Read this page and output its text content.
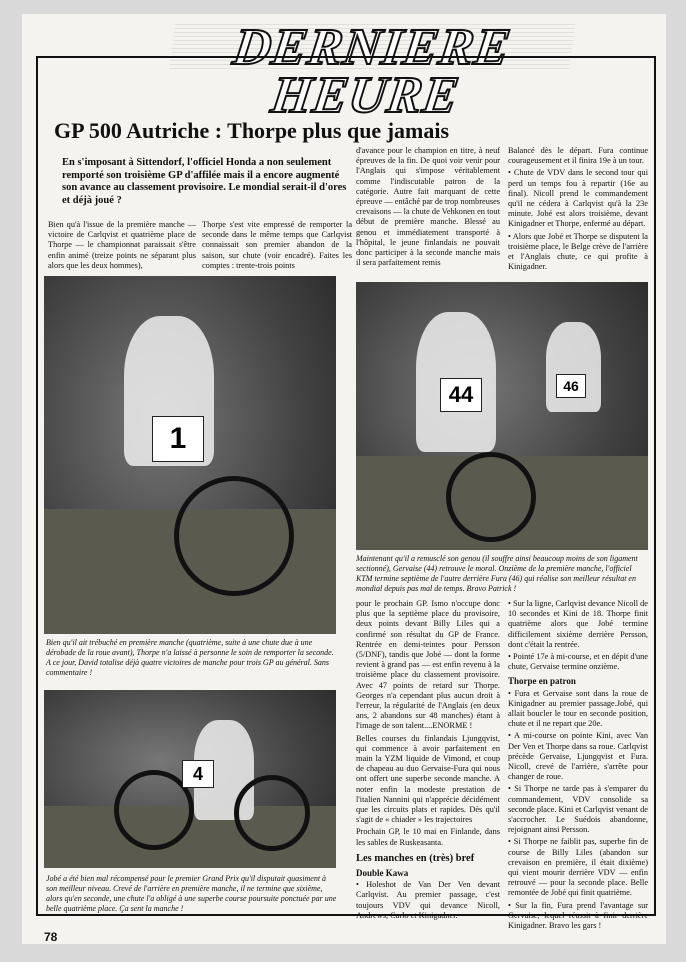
DERNIERE HEURE
GP 500 Autriche : Thorpe plus que jamais

En s'imposant à Sittendorf, l'officiel Honda a non seulement remporté son troisième GP d'affilée mais il a encore augmenté son avance au classement provisoire. Le mondial serait-il d'ores et déjà joué ?

Bien qu'à l'issue de la première manche — victoire de Carlqvist et quatrième place de Thorpe — le championnat paraissait s'être enfin animé (treize points ne séparant plus alors que les deux hommes),

Thorpe s'est vite empressé de remporter la seconde dans le même temps que Carlqvist connaissait son premier abandon de la saison, sur chute (voir encadré). Faites les comptes : trente-trois points

1

Bien qu'il ait trébuché en première manche (quatrième, suite à une chute due à une dérobade de la roue avant), Thorpe n'a laissé à personne le soin de remporter la seconde. A ce jour, David totalise déjà quatre victoires de manche pour trois GP au général. Sans commentaire !

4

Jobé a été bien mal récompensé pour le premier Grand Prix qu'il disputait quasiment à son meilleur niveau. Crevé de l'arrière en première manche, il ne termine que sixième, alors qu'en seconde, une chute l'a obligé à une superbe course poursuite ponctuée par une belle quatrième place. Ça sent la manche !

d'avance pour le champion en titre, à neuf épreuves de la fin. De quoi voir venir pour l'Anglais qui s'impose véritablement comme l'indiscutable patron de la catégorie. Autre fait marquant de cette épreuve — entâché par de trop nombreuses crevaisons — la chute de Vehkonen en tout début de première manche. Blessé au genou et immédiatement transporté à l'hôpital, le jeune finlandais ne pouvait donc participer à la seconde manche mais il sera parfaitement remis

Balancé dès le départ. Fura continue courageusement et il finira 19e à un tour.

• Chute de VDV dans le second tour qui perd un temps fou à repartir (16e au final). Nicoll prend le commandement qu'il ne cédera à Carlqvist qu'à la 23e minute. Jobé est alors troisième, devant Kinigadner et Thorpe, enfermé au départ.

• Alors que Jobé et Thorpe se disputent la troisième place, le Belge crève de l'arrière et l'Anglais chute, ce qui profite à Kinigadner.

44	46

Maintenant qu'il a remusclé son genou (il souffre ainsi beaucoup moins de son ligament sectionné), Gervaise (44) retrouve le moral. Onzième de la première manche, l'officiel KTM termine septième de l'autre derrière Fura (46) qui réalise son meilleur résultat en mondial depuis pas mal de temps. Bravo Patrick !

pour le prochain GP. Ismo n'occupe donc plus que la septième place du provisoire, deux points devant Billy Liles qui a confirmé son résultat du GP de France. Rentrée en demi-teintes pour Persson (5/DNF), tandis que Jobé — dont la forme revient à grand pas — est enfin revenu à la troisième place du classement provisoire. Avec 47 points de retard sur Thorpe. Georges n'a cependant plus aucun droit à l'erreur, la régularité de l'Anglais (en deux ans, 2 abandons sur 48 manches) étant à l'image de son talent....ENORME !

Belles courses du finlandais Ljungqvist, qui commence à avoir parfaitement en main la YZM liquide de Vimond, et coup de chapeau au duo Gervaise-Fura qui nous ont offert une superbe seconde manche. A noter enfin la modeste prestation de l'italien Nannini qui n'apprécie décidément que les circuits plats et rapides. Dès qu'il s'agit de « chiader » les trajectoires

Prochain GP, le 10 mai en Finlande, dans les sables de Ruskeasanta.

Les manches en (très) bref
Double Kawa

• Holeshot de Van Der Ven devant Carlqvist. Au premier passage, c'est toujours VDV qui devance Nicoll, Andrews, Carlo et Kinigadner.

• Sur la ligne, Carlqvist devance Nicoll de 10 secondes et Kini de 18. Thorpe finit quatrième alors que Jobé termine difficilement sixième derrière Persson, dont c'était la rentrée.

• Pointé 17e à mi-course, et en dépit d'une chute, Gervaise termine onzième.

Thorpe en patron

• Fura et Gervaise sont dans la roue de Kinigadner au premier passage.Jobé, qui allait boucler le tour en seconde position, chute et il ne repart que 20e.

• A mi-course on pointe Kini, avec Van Der Ven et Thorpe dans sa roue. Carlqvist précède Gervaise, Ljungqvist et Fura. Nicoll, crevé de l'arrière, s'arrête pour changer de roue.

• Si Thorpe ne tarde pas à s'emparer du commandement, VDV consolide sa seconde place. Kini et Carlqvist venant de s'accrocher. Le Suédois abandonne, rejoignant ainsi Persson.

• Si Thorpe ne faiblit pas, superbe fin de course de Billy Liles (abandon sur crevaison en première, il était dixième) qui vient mourir derrière VDV — enfin retrouvé — pour la seconde place. Belle remontée de Jobé qui finit quatrième.

• Sur la fin, Fura prend l'avantage sur Gervaise, lequel réussit à finir derrière Kinigadner. Bravo les gars !

78
